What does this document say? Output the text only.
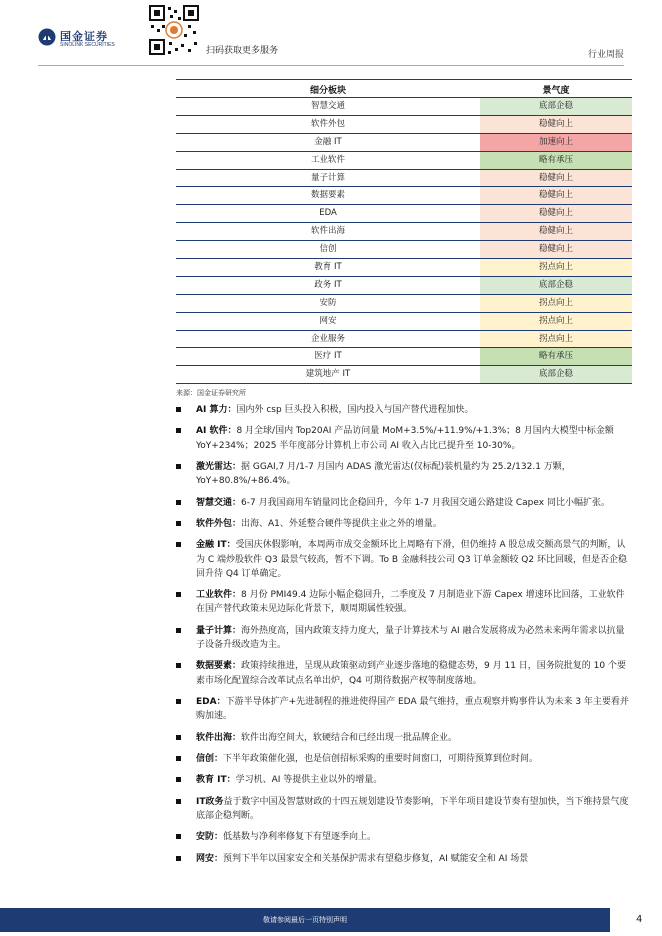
国金证券
SINOLINK SECURITIES
扫码获取更多服务	行业周报
细分板块	景气度
智慧交通	底部企稳
软件外包	稳健向上
金融 IT	加速向上
工业软件	略有承压
量子计算	稳健向上
数据要素	稳健向上
EDA	稳健向上
软件出海	稳健向上
信创	稳健向上
教育 IT	拐点向上
政务 IT	底部企稳
安防	拐点向上
网安	拐点向上
企业服务	拐点向上
医疗 IT	略有承压
建筑地产 IT	底部企稳
来源：国金证券研究所
AI 算力：国内外 csp 巨头投入积极，国内投入与国产替代进程加快。
AI 软件：8 月全球/国内 Top20AI 产品访问量 MoM+3.5%/+11.9%/+1.3%；8 月国内大模型中标金额 YoY+234%；2025 半年度部分计算机上市公司 AI 收入占比已提升至 10-30%。
激光雷达：据 GGAI,7 月/1-7 月国内 ADAS 激光雷达(仅标配)装机量约为 25.2/132.1 万颗，YoY+80.8%/+86.4%。
智慧交通：6-7 月我国商用车销量同比企稳回升，今年 1-7 月我国交通公路建设 Capex 同比小幅扩张。
软件外包：出海、A1、外延整合硬件等提供主业之外的增量。
金融 IT：受国庆休假影响，本周两市成交金额环比上周略有下滑，但仍维持 A 股总成交额高景气的判断，认为 C 端炒股软件 Q3 最景气较高，暂不下调。To B 金融科技公司 Q3 订单金额较 Q2 环比回暖，但是否企稳回升待 Q4 订单确定。
工业软件：8 月份 PMI49.4 边际小幅企稳回升，二季度及 7 月制造业下游 Capex 增速环比回落，工业软件在国产替代政策未见边际化背景下，顺周期属性较强。
量子计算：海外热度高，国内政策支持力度大，量子计算技术与 AI 融合发展将成为必然未来两年需求以抗量子设备升级改造为主。
数据要素：政策持续推进，呈现从政策驱动到产业逐步落地的稳健态势，9 月 11 日，国务院批复的 10 个要素市场化配置综合改革试点名单出炉，Q4 可期待数据产权等制度落地。
EDA：下游半导体扩产+先进制程的推进使得国产 EDA 最气维持，重点观察并购事件认为未来 3 年主要看并购加速。
软件出海：软件出海空间大，软硬结合和已经出现一批品牌企业。
信创：下半年政策催化强，也是信创招标采购的重要时间窗口，可期待预算到位时间。
教育 IT：学习机、AI 等提供主业以外的增量。
IT政务益于数字中国及智慧财政的十四五规划建设节奏影响，下半年项目建设节奏有望加快，当下维持景气度底部企稳判断。
安防：低基数与净利率修复下有望逐季向上。
网安：预判下半年以国家安全和关基保护需求有望稳步修复，AI 赋能安全和 AI 场景
敬请参阅最后一页特别声明	4
